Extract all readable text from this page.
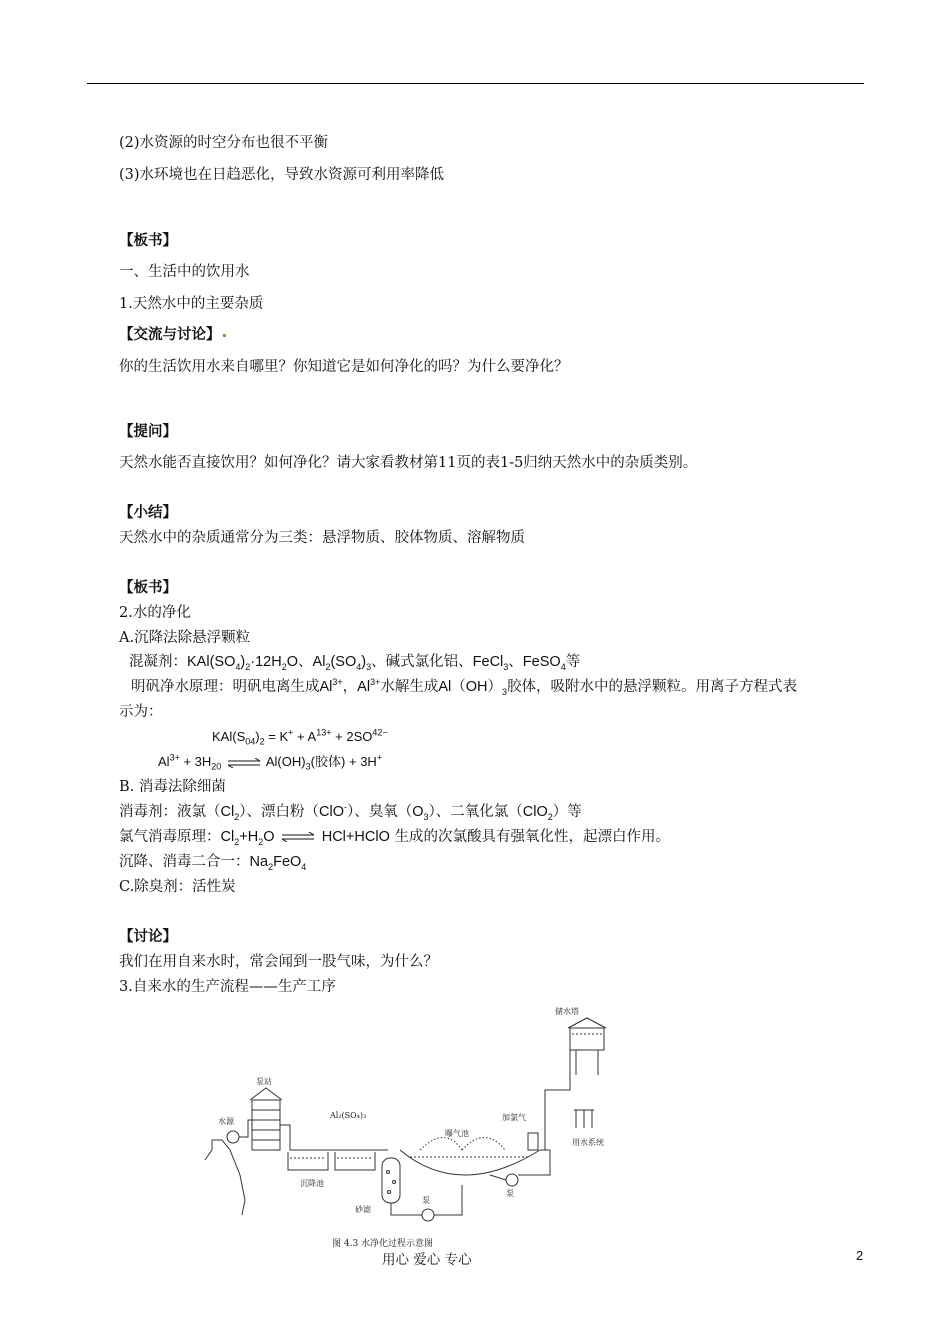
(2)水资源的时空分布也很不平衡
(3)水环境也在日趋恶化，导致水资源可利用率降低
【板书】
一、生活中的饮用水
1.天然水中的主要杂质
【交流与讨论】
你的生活饮用水来自哪里？你知道它是如何净化的吗？为什么要净化？
【提问】
天然水能否直接饮用？如何净化？请大家看教材第11页的表1-5归纳天然水中的杂质类别。
【小结】
天然水中的杂质通常分为三类：悬浮物质、胶体物质、溶解物质
【板书】
2.水的净化
A.沉降法除悬浮颗粒
混凝剂：$KAl(SO_4)_2\cdot 12H_2O$、$Al_2(SO_4)_3$、碱式氯化铝、FeCl$_3$、FeSO$_4$等
明矾净水原理：明矾电离生成$Al^{3+}$，$Al^{3+}$水解生成$Al(OH)_3$胶体，吸附水中的悬浮颗粒。用离子方程式表
示为：
$KAl(S_{04})_2 = K^+ + A^{13+} + 2SO^{42-}$
$Al^{3+} + 3H_{20}$ ⇌ $Al(OH)_3$(胶体) + 3H+
B. 消毒法除细菌
消毒剂：液氯$(Cl_2)$、漂白粉（ClO-）、臭氧$(O_3)$、二氧化氯（ClO$_2$）等
氯气消毒原理：$Cl_2+H_2O$ ⇌ HCl+HClO 生成的次氯酸具有强氧化性，起漂白作用。
沉降、消毒二合一：$Na_2FeO_4$
C.除臭剂：活性炭
【讨论】
我们在用自来水时，常会闻到一股气味，为什么？
3.自来水的生产流程——生产工序
储水塔
泵站
水源
Al₂(SO₄)₃
曝气池
加氯气
用水系统
沉降池
砂滤
泵
泵
图 4.3 水净化过程示意图
用心 爱心 专心	2
